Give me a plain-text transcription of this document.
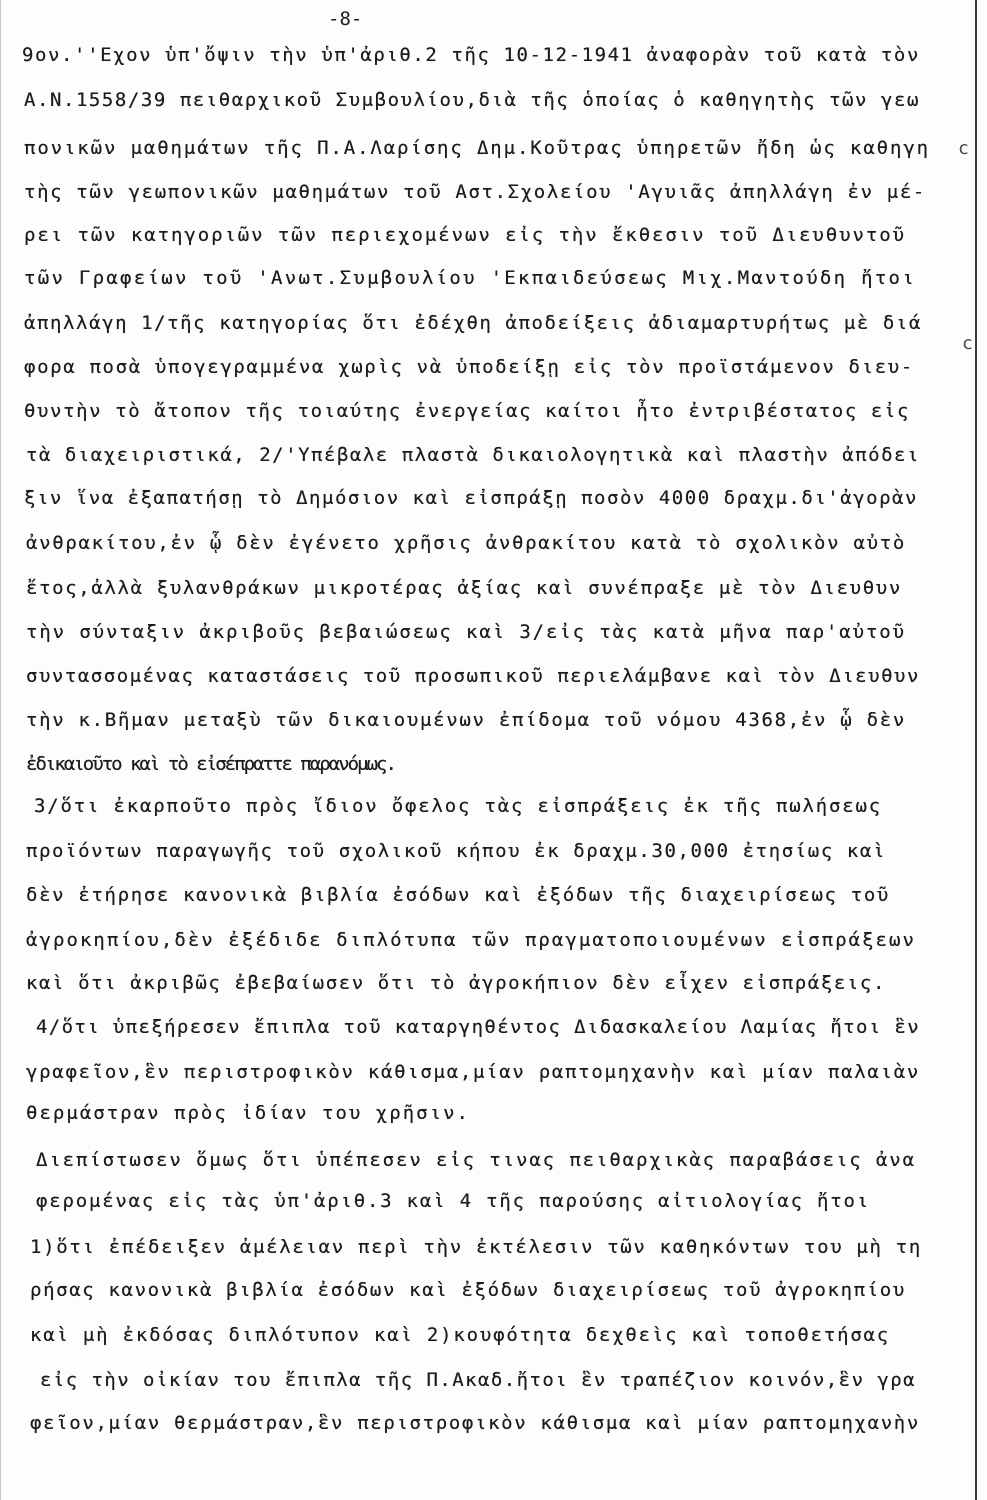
-8-
9ον.''Εχον ὑπ'ὄψιν τὴν ὑπ'ἀριθ.2 τῆς 10-12-1941 ἀναφορὰν τοῦ κατὰ τὸν
Α.Ν.1558/39 πειθαρχικοῦ Συμβουλίου,διὰ τῆς ὁποίας ὁ καθηγητὴς τῶν γεω
πονικῶν μαθημάτων τῆς Π.Α.Λαρίσης Δημ.Κοῦτρας ὑπηρετῶν ἤδη ὡς καθηγη
τὴς τῶν γεωπονικῶν μαθημάτων τοῦ Αστ.Σχολείου 'Αγυιᾶς ἀπηλλάγη ἐν μέ-
ρει τῶν κατηγοριῶν τῶν περιεχομένων εἰς τὴν ἔκθεσιν τοῦ Διευθυντοῦ
τῶν Γραφείων τοῦ 'Ανωτ.Συμβουλίου 'Εκπαιδεύσεως Μιχ.Μαντούδη ἤτοι
ἀπηλλάγη 1/τῆς κατηγορίας ὅτι ἐδέχθη ἀποδείξεις ἀδιαμαρτυρήτως μὲ διά
φορα ποσὰ ὑπογεγραμμένα χωρὶς νὰ ὑποδείξῃ εἰς τὸν προϊστάμενον διευ-
θυντὴν τὸ ἄτοπον τῆς τοιαύτης ἐνεργείας καίτοι ἦτο ἐντριβέστατος εἰς
τὰ διαχειριστικά, 2/'Υπέβαλε πλαστὰ δικαιολογητικὰ καὶ πλαστὴν ἀπόδει
ξιν ἵνα ἐξαπατήσῃ τὸ Δημόσιον καὶ εἰσπράξῃ ποσὸν 4000 δραχμ.δι'ἀγορὰν
ἀνθρακίτου,ἐν ᾧ δὲν ἐγένετο χρῆσις ἀνθρακίτου κατὰ τὸ σχολικὸν αὐτὸ
ἔτος,ἀλλὰ ξυλανθράκων μικροτέρας ἀξίας καὶ συνέπραξε μὲ τὸν Διευθυν
τὴν σύνταξιν ἀκριβοῦς βεβαιώσεως καὶ 3/εἰς τὰς κατὰ μῆνα παρ'αὐτοῦ
συντασσομένας καταστάσεις τοῦ προσωπικοῦ περιελάμβανε καὶ τὸν Διευθυν
τὴν κ.Βῆμαν μεταξὺ τῶν δικαιουμένων ἐπίδομα τοῦ νόμου 4368,ἐν ᾧ δὲν
ἐδικαιοῦτο καὶ τὸ εἰσέπραττε παρανόμως.
3/ὅτι ἐκαρποῦτο πρὸς ἴδιον ὄφελος τὰς εἰσπράξεις ἐκ τῆς πωλήσεως
προϊόντων παραγωγῆς τοῦ σχολικοῦ κήπου ἐκ δραχμ.30,000 ἐτησίως καὶ
δὲν ἐτήρησε κανονικὰ βιβλία ἐσόδων καὶ ἐξόδων τῆς διαχειρίσεως τοῦ
ἀγροκηπίου,δὲν ἐξέδιδε διπλότυπα τῶν πραγματοποιουμένων εἰσπράξεων
καὶ ὅτι ἀκριβῶς ἐβεβαίωσεν ὅτι τὸ ἀγροκήπιον δὲν εἶχεν εἰσπράξεις.
4/ὅτι ὑπεξήρεσεν ἔπιπλα τοῦ καταργηθέντος Διδασκαλείου Λαμίας ἤτοι ἓν
γραφεῖον,ἓν περιστροφικὸν κάθισμα,μίαν ραπτομηχανὴν καὶ μίαν παλαιὰν
θερμάστραν πρὸς ἰδίαν του χρῆσιν.
Διεπίστωσεν ὅμως ὅτι ὑπέπεσεν εἰς τινας πειθαρχικὰς παραβάσεις ἀνα
φερομένας εἰς τὰς ὑπ'ἀριθ.3 καὶ 4 τῆς παρούσης αἰτιολογίας ἤτοι
1)ὅτι ἐπέδειξεν ἀμέλειαν περὶ τὴν ἐκτέλεσιν τῶν καθηκόντων του μὴ τη
ρήσας κανονικὰ βιβλία ἐσόδων καὶ ἐξόδων διαχειρίσεως τοῦ ἀγροκηπίου
καὶ μὴ ἐκδόσας διπλότυπον καὶ 2)κουφότητα δεχθεὶς καὶ τοποθετήσας
εἰς τὴν οἰκίαν του ἔπιπλα τῆς Π.Ακαδ.ἤτοι ἓν τραπέζιον κοινόν,ἓν γρα
φεῖον,μίαν θερμάστραν,ἓν περιστροφικὸν κάθισμα καὶ μίαν ραπτομηχανὴν
c
c
